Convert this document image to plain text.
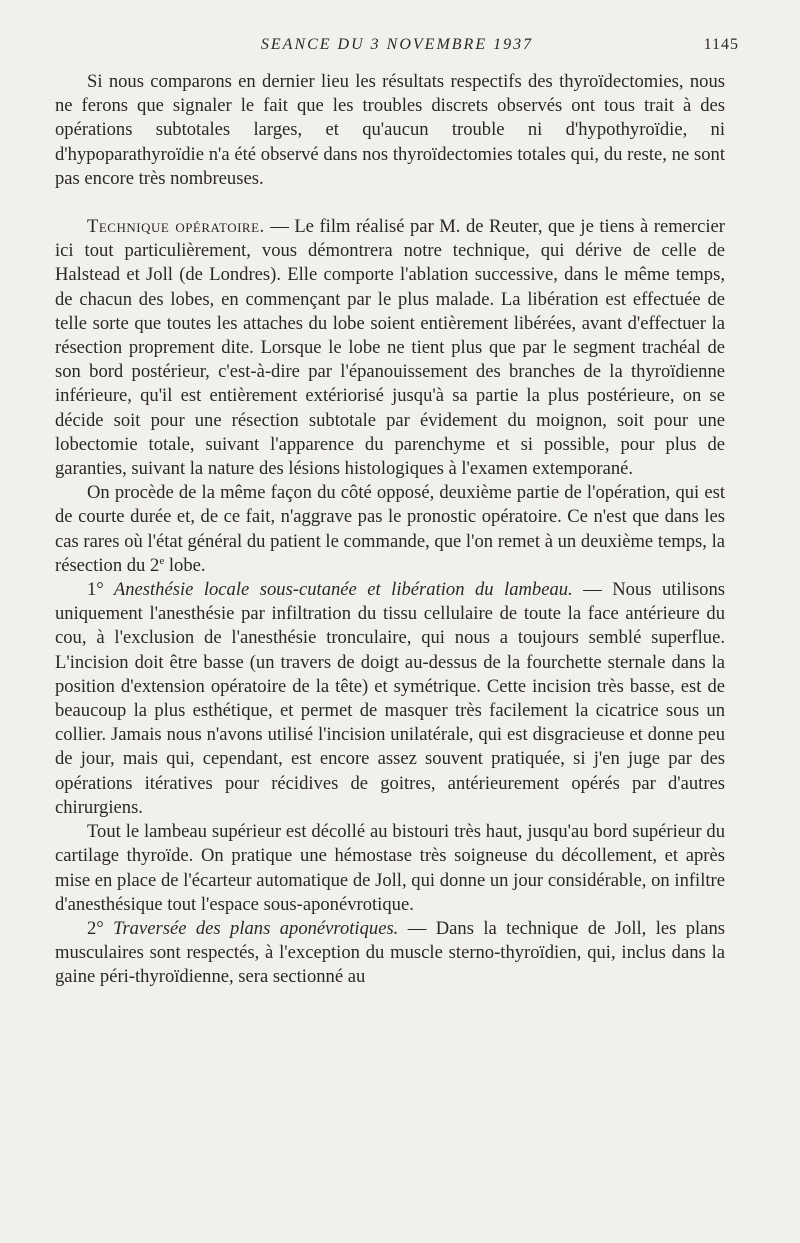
SEANCE DU 3 NOVEMBRE 1937	1145

Si nous comparons en dernier lieu les résultats respectifs des thyroïdectomies, nous ne ferons que signaler le fait que les troubles discrets observés ont tous trait à des opérations subtotales larges, et qu'aucun trouble ni d'hypothyroïdie, ni d'hypoparathyroïdie n'a été observé dans nos thyroïdectomies totales qui, du reste, ne sont pas encore très nombreuses.

Technique opératoire. — Le film réalisé par M. de Reuter, que je tiens à remercier ici tout particulièrement, vous démontrera notre technique, qui dérive de celle de Halstead et Joll (de Londres). Elle comporte l'ablation successive, dans le même temps, de chacun des lobes, en commençant par le plus malade. La libération est effectuée de telle sorte que toutes les attaches du lobe soient entièrement libérées, avant d'effectuer la résection proprement dite. Lorsque le lobe ne tient plus que par le segment trachéal de son bord postérieur, c'est-à-dire par l'épanouissement des branches de la thyroïdienne inférieure, qu'il est entièrement extériorisé jusqu'à sa partie la plus postérieure, on se décide soit pour une résection subtotale par évidement du moignon, soit pour une lobectomie totale, suivant l'apparence du parenchyme et si possible, pour plus de garanties, suivant la nature des lésions histologiques à l'examen extemporané.

On procède de la même façon du côté opposé, deuxième partie de l'opération, qui est de courte durée et, de ce fait, n'aggrave pas le pronostic opératoire. Ce n'est que dans les cas rares où l'état général du patient le commande, que l'on remet à un deuxième temps, la résection du 2e lobe.

1° Anesthésie locale sous-cutanée et libération du lambeau. — Nous utilisons uniquement l'anesthésie par infiltration du tissu cellulaire de toute la face antérieure du cou, à l'exclusion de l'anesthésie tronculaire, qui nous a toujours semblé superflue. L'incision doit être basse (un travers de doigt au-dessus de la fourchette sternale dans la position d'extension opératoire de la tête) et symétrique. Cette incision très basse, est de beaucoup la plus esthétique, et permet de masquer très facilement la cicatrice sous un collier. Jamais nous n'avons utilisé l'incision unilatérale, qui est disgracieuse et donne peu de jour, mais qui, cependant, est encore assez souvent pratiquée, si j'en juge par des opérations itératives pour récidives de goitres, antérieurement opérés par d'autres chirurgiens.

Tout le lambeau supérieur est décollé au bistouri très haut, jusqu'au bord supérieur du cartilage thyroïde. On pratique une hémostase très soigneuse du décollement, et après mise en place de l'écarteur automatique de Joll, qui donne un jour considérable, on infiltre d'anesthésique tout l'espace sous-aponévrotique.

2° Traversée des plans aponévrotiques. — Dans la technique de Joll, les plans musculaires sont respectés, à l'exception du muscle sterno-thyroïdien, qui, inclus dans la gaine péri-thyroïdienne, sera sectionné au
